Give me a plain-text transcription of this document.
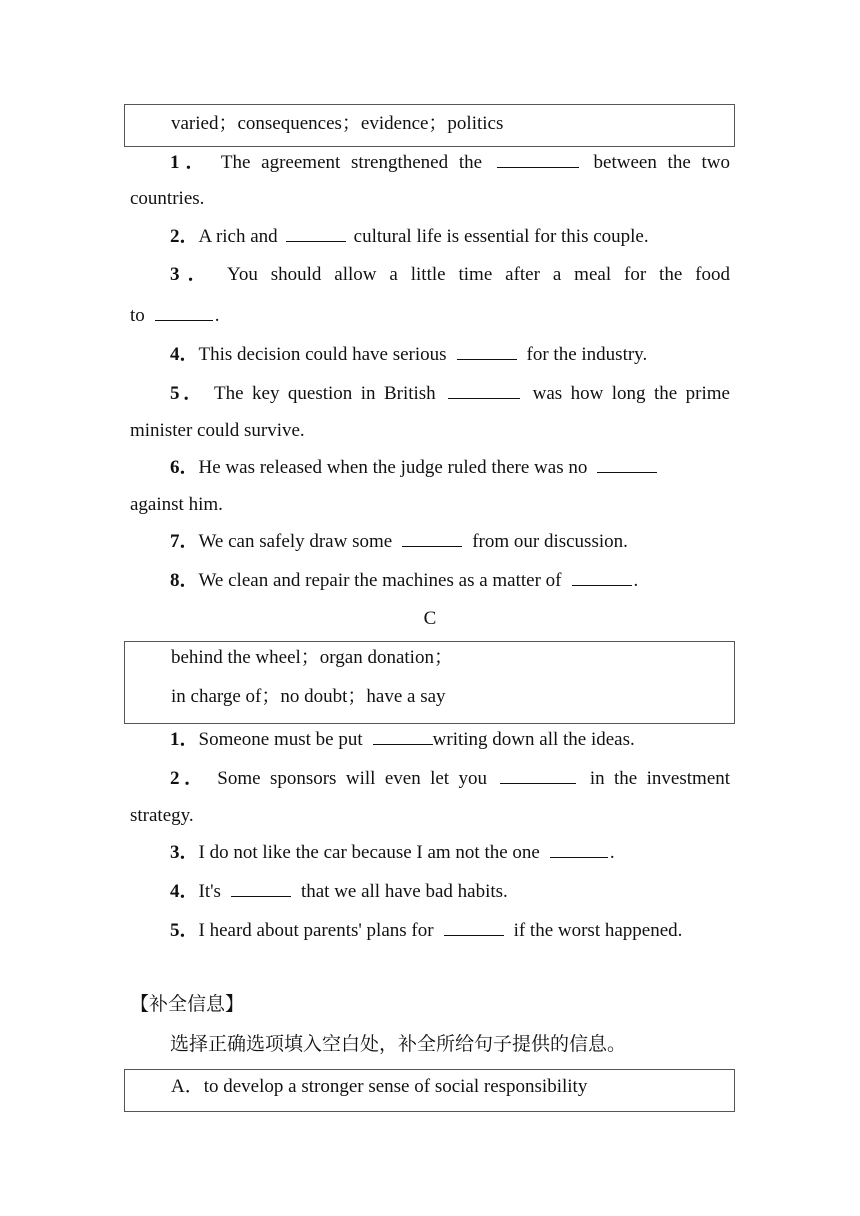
varied；consequences；evidence；politics
1． The agreement strengthened the	between the two
countries.
2．A rich and	cultural life is essential for this couple.
3． You should allow a little time after a meal for the food
to	.
4．This decision could have serious	for the industry.
5． The key question in British	was how long the prime
minister could survive.
6．He was released when the judge ruled there was no
against him.
7．We can safely draw some	from our discussion.
8．We clean and repair the machines as a matter of	.
C
behind the wheel；organ donation；
in charge of；no doubt；have a say
1．Someone must be put	writing down all the ideas.
2． Some sponsors will even let you	in the investment
strategy.
3．I do not like the car because I am not the one	.
4．It's	that we all have bad habits.
5．I heard about parents' plans for	if the worst happened.
【补全信息】
选择正确选项填入空白处，补全所给句子提供的信息。
A．to develop a stronger sense of social responsibility
